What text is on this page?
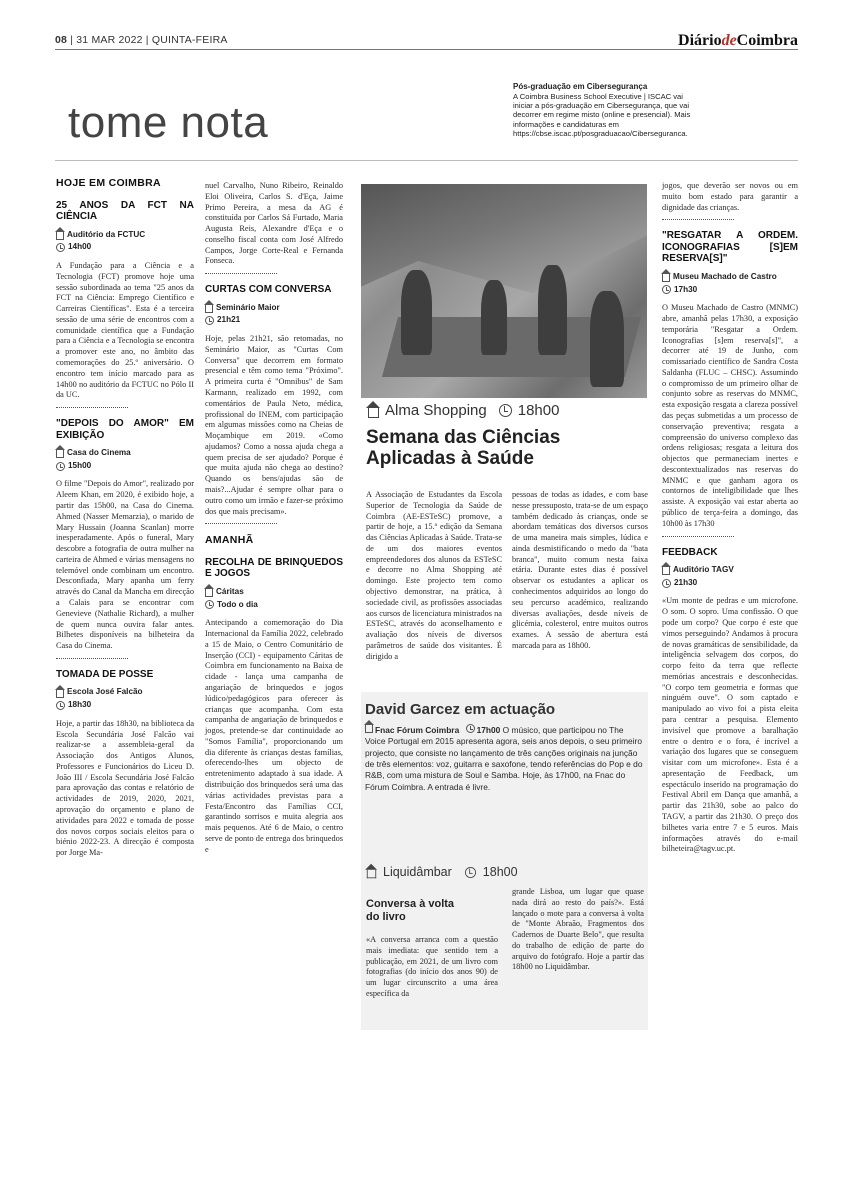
08 | 31 MAR 2022 | QUINTA-FEIRA	DiáriodeCoimbra
tome nota
Pós-graduação em Cibersegurança
A Coimbra Business School Executive | ISCAC vai iniciar a pós-graduação em Cibersegurança, que vai decorrer em regime misto (online e presencial). Mais informações e candidaturas em https://cbse.iscac.pt/posgraduacao/Ciberseguranca.
HOJE EM COIMBRA
25 ANOS DA FCT NA CIÊNCIA
Auditório da FCTUC
14h00
A Fundação para a Ciência e a Tecnologia (FCT) promove hoje uma sessão subordinada ao tema "25 anos da FCT na Ciência: Emprego Científico e Carreiras Científicas". Esta é a terceira sessão de uma série de encontros com a comunidade científica que a Fundação para a Ciência e a Tecnologia se encontra a promover este ano, no âmbito das comemorações do 25.º aniversário. O encontro tem início marcado para as 14h00 no auditório da FCTUC no Pólo II da UC.
"DEPOIS DO AMOR" EM EXIBIÇÃO
Casa do Cinema
15h00
O filme "Depois do Amor", realizado por Aleem Khan, em 2020, é exibido hoje, a partir das 15h00, na Casa do Cinema. Ahmed (Nasser Memarzia), o marido de Mary Hussain (Joanna Scanlan) morre inesperadamente. Após o funeral, Mary descobre a fotografia de outra mulher na carteira de Ahmed e várias mensagens no telemóvel onde combinam um encontro. Desconfiada, Mary apanha um ferry através do Canal da Mancha em direcção a Calais para se encontrar com Genevieve (Nathalie Richard), a mulher de quem nunca ouvira falar antes. Bilhetes disponíveis na bilheteira da Casa do Cinema.
TOMADA DE POSSE
Escola José Falcão
18h30
Hoje, a partir das 18h30, na biblioteca da Escola Secundária José Falcão vai realizar-se a assembleia-geral da Associação dos Antigos Alunos, Professores e Funcionários do Liceu D. João III / Escola Secundária José Falcão para aprovação das contas e relatório de actividades de 2019, 2020, 2021, aprovação do orçamento e plano de atividades para 2022 e tomada de posse dos novos corpos sociais eleitos para o biénio 2022-23. A direcção é composta por Jorge Ma-
nuel Carvalho, Nuno Ribeiro, Reinaldo Eloi Oliveira, Carlos S. d'Eça, Jaime Primo Pereira, a mesa da AG é constituída por Carlos Sá Furtado, Maria Augusta Reis, Alexandre d'Eça e o conselho fiscal conta com José Alfredo Campos, Jorge Corte-Real e Fernanda Fonseca.
CURTAS COM CONVERSA
Seminário Maior
21h21
Hoje, pelas 21h21, são retomadas, no Seminário Maior, as "Curtas Com Conversa" que decorrem em formato presencial e têm como tema "Próximo". A primeira curta é "Omnibus" de Sam Karmann, realizado em 1992, com comentários de Paula Neto, médica, profissional do INEM, com participação em algumas missões como na Cheias de Moçambique em 2019. «Como ajudamos? Como a nossa ajuda chega a quem precisa de ser ajudado? Porque é que muita ajuda não chega ao destino? Quando os bens/ajudas são de mais?...Ajudar é sempre olhar para o outro como um irmão e fazer-se próximo dos que mais precisam».
AMANHÃ
RECOLHA DE BRINQUEDOS E JOGOS
Cáritas
Todo o dia
Antecipando a comemoração do Dia Internacional da Família 2022, celebrado a 15 de Maio, o Centro Comunitário de Inserção (CCI) - equipamento Cáritas de Coimbra em funcionamento na Baixa de cidade - lança uma campanha de angariação de brinquedos e jogos lúdico/pedagógicos para oferecer às crianças que acompanha. Com esta campanha de angariação de brinquedos e jogos, pretende-se dar continuidade ao "Somos Família", proporcionando um dia diferente às crianças destas famílias, oferecendo-lhes um objecto de entretenimento adaptado à sua idade. A distribuição dos brinquedos será uma das várias actividades previstas para a Festa/Encontro das Famílias CCI, garantindo sorrisos e muita alegria aos mais pequenos. Até 6 de Maio, o centro serve de ponto de entrega dos brinquedos e
Alma Shopping 18h00
Semana das Ciências Aplicadas à Saúde
A Associação de Estudantes da Escola Superior de Tecnologia da Saúde de Coimbra (AE-ESTeSC) promove, a partir de hoje, a 15.ª edição da Semana das Ciências Aplicadas à Saúde. Trata-se de um dos maiores eventos empreendedores dos alunos da ESTeSC e decorre no Alma Shopping até domingo. Este projecto tem como objectivo demonstrar, na prática, à sociedade civil, as profissões associadas aos cursos de licenciatura ministrados na ESTeSC, através do aconselhamento e avaliação dos níveis de diversos parâmetros de saúde dos visitantes. É dirigido a
pessoas de todas as idades, e com base nesse pressuposto, trata-se de um espaço também dedicado às crianças, onde se abordam temáticas dos diversos cursos de uma maneira mais simples, lúdica e ainda desmistificando o medo da "bata branca", muito comum nesta faixa etária. Durante estes dias é possível observar os estudantes a aplicar os conhecimentos adquiridos ao longo do seu percurso académico, realizando diversas avaliações, desde níveis de glicémia, colesterol, entre muitos outros exames. A sessão de abertura está marcada para as 18h00.
David Garcez em actuação
Fnac Fórum Coimbra 17h00 O músico, que participou no The Voice Portugal em 2015 apresenta agora, seis anos depois, o seu primeiro projecto, que consiste no lançamento de três canções originais na junção de três elementos: voz, guitarra e saxofone, tendo referências do Pop e do R&B, com uma mistura de Soul e Samba. Hoje, às 17h00, na Fnac do Fórum Coimbra. A entrada é livre.
Liquidâmbar 18h00
Conversa à volta do livro
«A conversa arranca com a questão mais imediata: que sentido tem a publicação, em 2021, de um livro com fotografias (do início dos anos 90) de um lugar circunscrito a uma área específica da
grande Lisboa, um lugar que quase nada dirá ao resto do país?». Está lançado o mote para a conversa à volta de "Monte Abraão, Fragmentos dos Cadernos de Duarte Belo", que resulta do trabalho de edição de parte do arquivo do fotógrafo. Hoje a partir das 18h00 no Liquidâmbar.
jogos, que deverão ser novos ou em muito bom estado para garantir a dignidade das crianças.
"RESGATAR A ORDEM. ICONOGRAFIAS [S]EM RESERVA[S]"
Museu Machado de Castro
17h30
O Museu Machado de Castro (MNMC) abre, amanhã pelas 17h30, a exposição temporária "Resgatar a Ordem. Iconografias [s]em reserva[s]", a decorrer até 19 de Junho, com comissariado científico de Sandra Costa Saldanha (FLUC – CHSC). Assumindo o compromisso de um primeiro olhar de conjunto sobre as reservas do MNMC, esta exposição resgata a clareza possível das peças submetidas a um processo de conservação preventiva; resgata a compreensão do universo complexo das ordens religiosas; resgata a leitura dos objectos que permaneciam inertes e descontextualizados nas reservas do MNMC e que ganham agora os contornos de inteligibilidade que lhes assiste. A exposição vai estar aberta ao público de terça-feira a domingo, das 10h00 às 17h30
FEEDBACK
Auditório TAGV
21h30
«Um monte de pedras e um microfone. O som. O sopro. Uma confissão. O que pode um corpo? Que corpo é este que vimos perseguindo? Andamos à procura de novas gramáticas de sensibilidade, da inteligência selvagem dos corpos, do corpo feito da terra que reflecte memórias ancestrais e desconhecidas. "O corpo tem geometria e formas que ninguém ouve". O som captado e manipulado ao vivo foi a pista eleita para centrar a pesquisa. Elemento invisível que promove a baralhação entre o dentro e o fora, é incrível a variação dos lugares que se conseguem visitar com um microfone». Esta é a apresentação de Feedback, um espectáculo inserido na programação do Festival Abril em Dança que amanhã, a partir das 21h30, sobe ao palco do TAGV, a partir das 21h30. O preço dos bilhetes varia entre 7 e 5 euros. Mais informações através do e-mail bilheteira@tagv.uc.pt.
